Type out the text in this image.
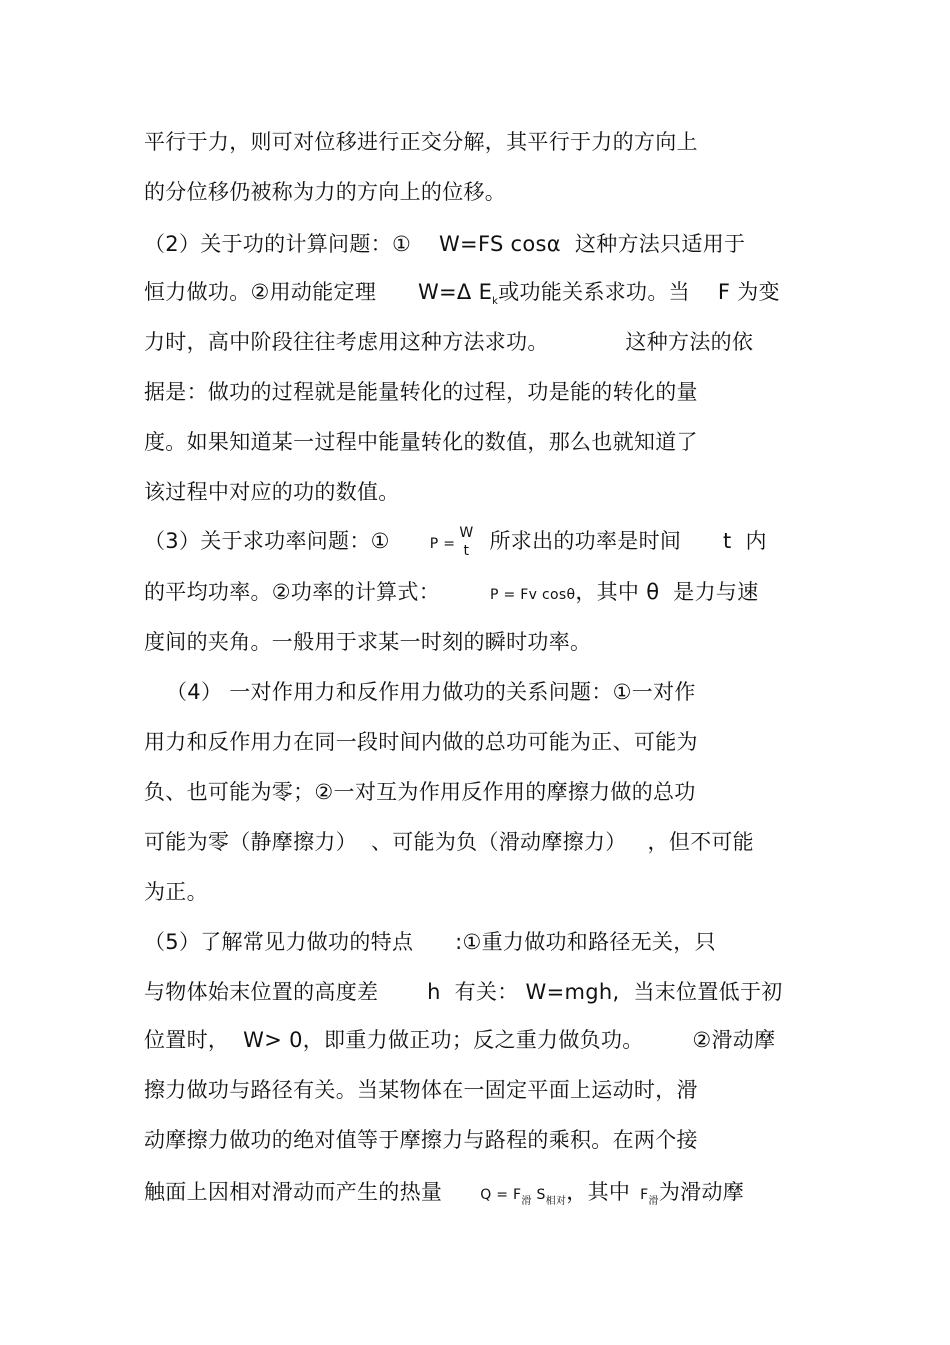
平行于力，则可对位移进行正交分解，其平行于力的方向上
的分位移仍被称为力的方向上的位移。
（2）关于功的计算问题：①    W=FS cosα  这种方法只适用于
恒力做功。②用动能定理      W=Δ $E_k$或功能关系求功。当    F 为变
力时，高中阶段往往考虑用这种方法求功。           这种方法的依
据是：做功的过程就是能量转化的过程，功是能的转化的量
度。如果知道某一过程中能量转化的数值，那么也就知道了
该过程中对应的功的数值。
（3）关于求功率问题：①	P =
W
t 所求出的功率是时间      t  内
的平均功率。②功率的计算式：	P = Fv cosθ，其中 θ  是力与速
度间的夹角。一般用于求某一时刻的瞬时功率。
（4） 一对作用力和反作用力做功的关系问题：①一对作
用力和反作用力在同一段时间内做的总功可能为正、可能为
负、也可能为零；②一对互为作用反作用的摩擦力做的总功
可能为零（静摩擦力）  、可能为负（滑动摩擦力）   ，但不可能
为正。
（5）了解常见力做功的特点      :①重力做功和路径无关，只
与物体始末位置的高度差       h  有关： W=mgh,  当末位置低于初
位置时，  W> 0，即重力做正功；反之重力做负功。       ②滑动摩
擦力做功与路径有关。当某物体在一固定平面上运动时，滑
动摩擦力做功的绝对值等于摩擦力与路程的乘积。在两个接
触面上因相对滑动而产生的热量	$Q = F_滑$ $S_{相对}$，其中 $F_滑$为滑动摩
